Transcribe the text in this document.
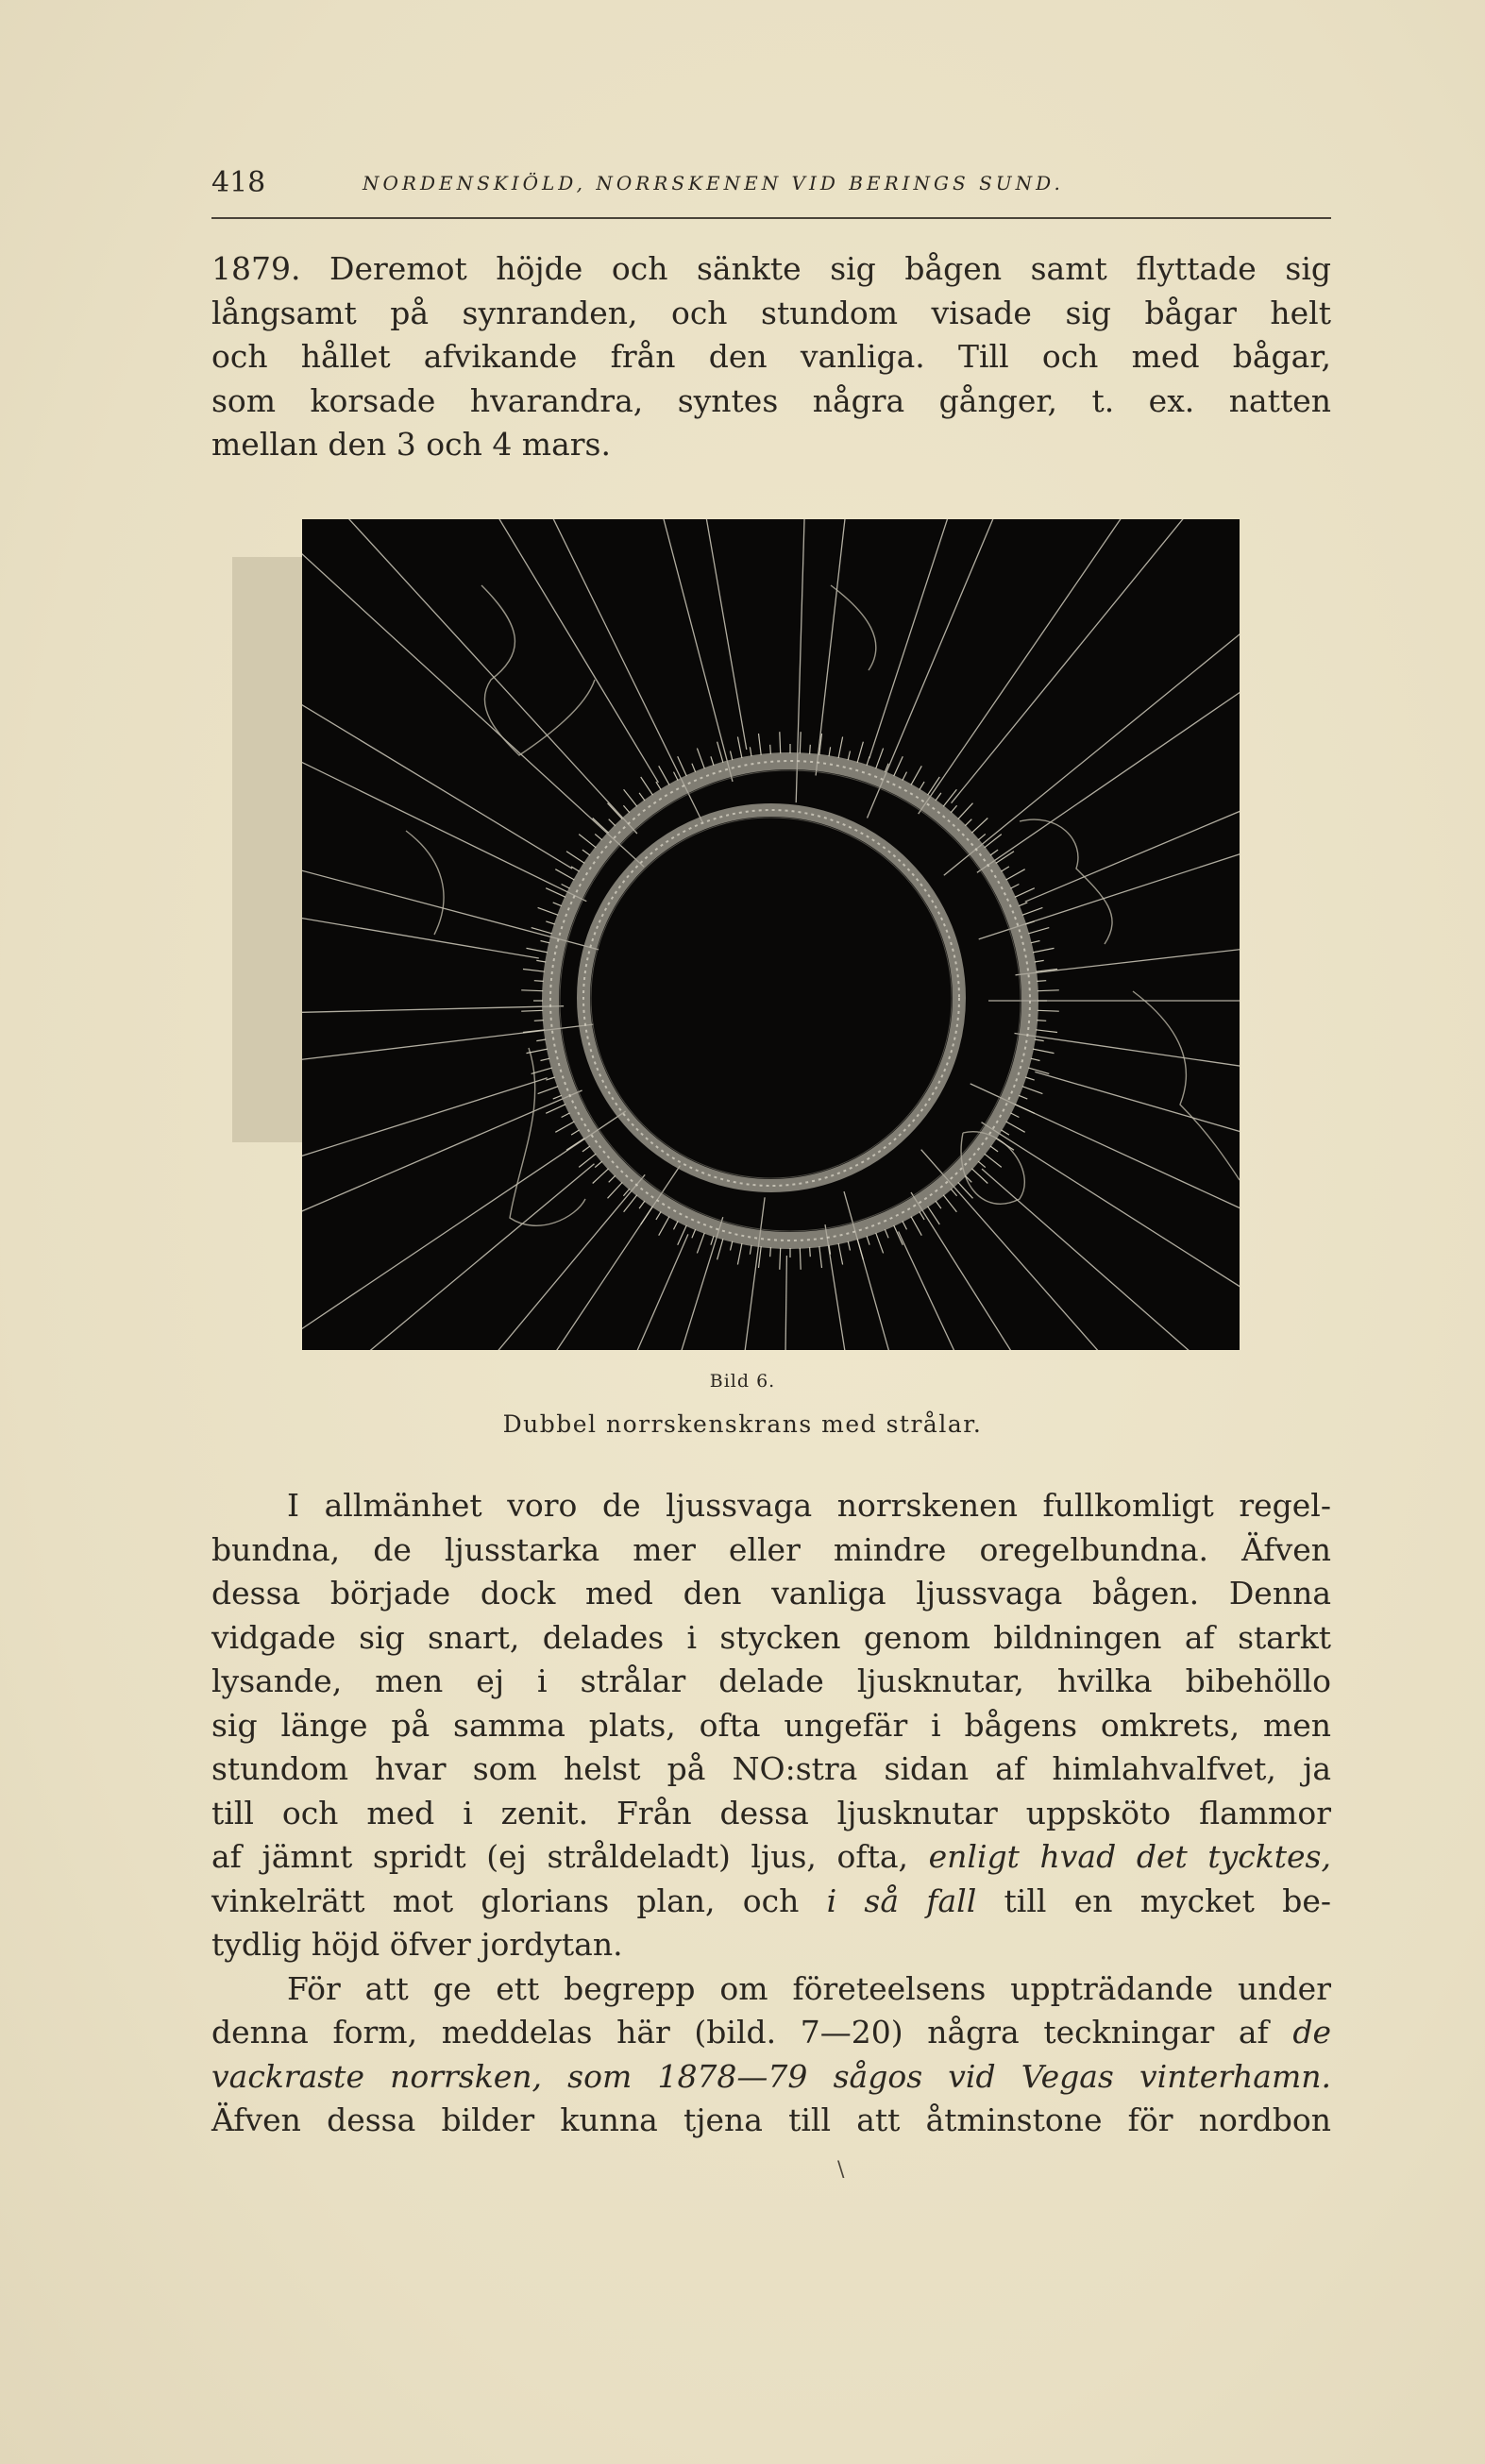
418	NORDENSKIÖLD, NORRSKENEN VID BERINGS SUND.

1879. Deremot höjde och sänkte sig bågen samt flyttade sig
långsamt på synranden, och stundom visade sig bågar helt
och hållet afvikande från den vanliga. Till och med bågar,
som korsade hvarandra, syntes några gånger, t. ex. natten
mellan den 3 och 4 mars.

Bild 6.
Dubbel norrskenskrans med strålar.

I allmänhet voro de ljussvaga norrskenen fullkomligt regel-
bundna, de ljusstarka mer eller mindre oregelbundna. Äfven
dessa började dock med den vanliga ljussvaga bågen. Denna
vidgade sig snart, delades i stycken genom bildningen af starkt
lysande, men ej i strålar delade ljusknutar, hvilka bibehöllo
sig länge på samma plats, ofta ungefär i bågens omkrets, men
stundom hvar som helst på NO:stra sidan af himlahvalfvet, ja
till och med i zenit. Från dessa ljusknutar uppsköto flammor
af jämnt spridt (ej stråldeladt) ljus, ofta, enligt hvad det tycktes,
vinkelrätt mot glorians plan, och i så fall till en mycket be-
tydlig höjd öfver jordytan.
För att ge ett begrepp om företeelsens uppträdande under
denna form, meddelas här (bild. 7—20) några teckningar af de
vackraste norrsken, som 1878—79 sågos vid Vegas vinterhamn.
Äfven dessa bilder kunna tjena till att åtminstone för nordbon

\
